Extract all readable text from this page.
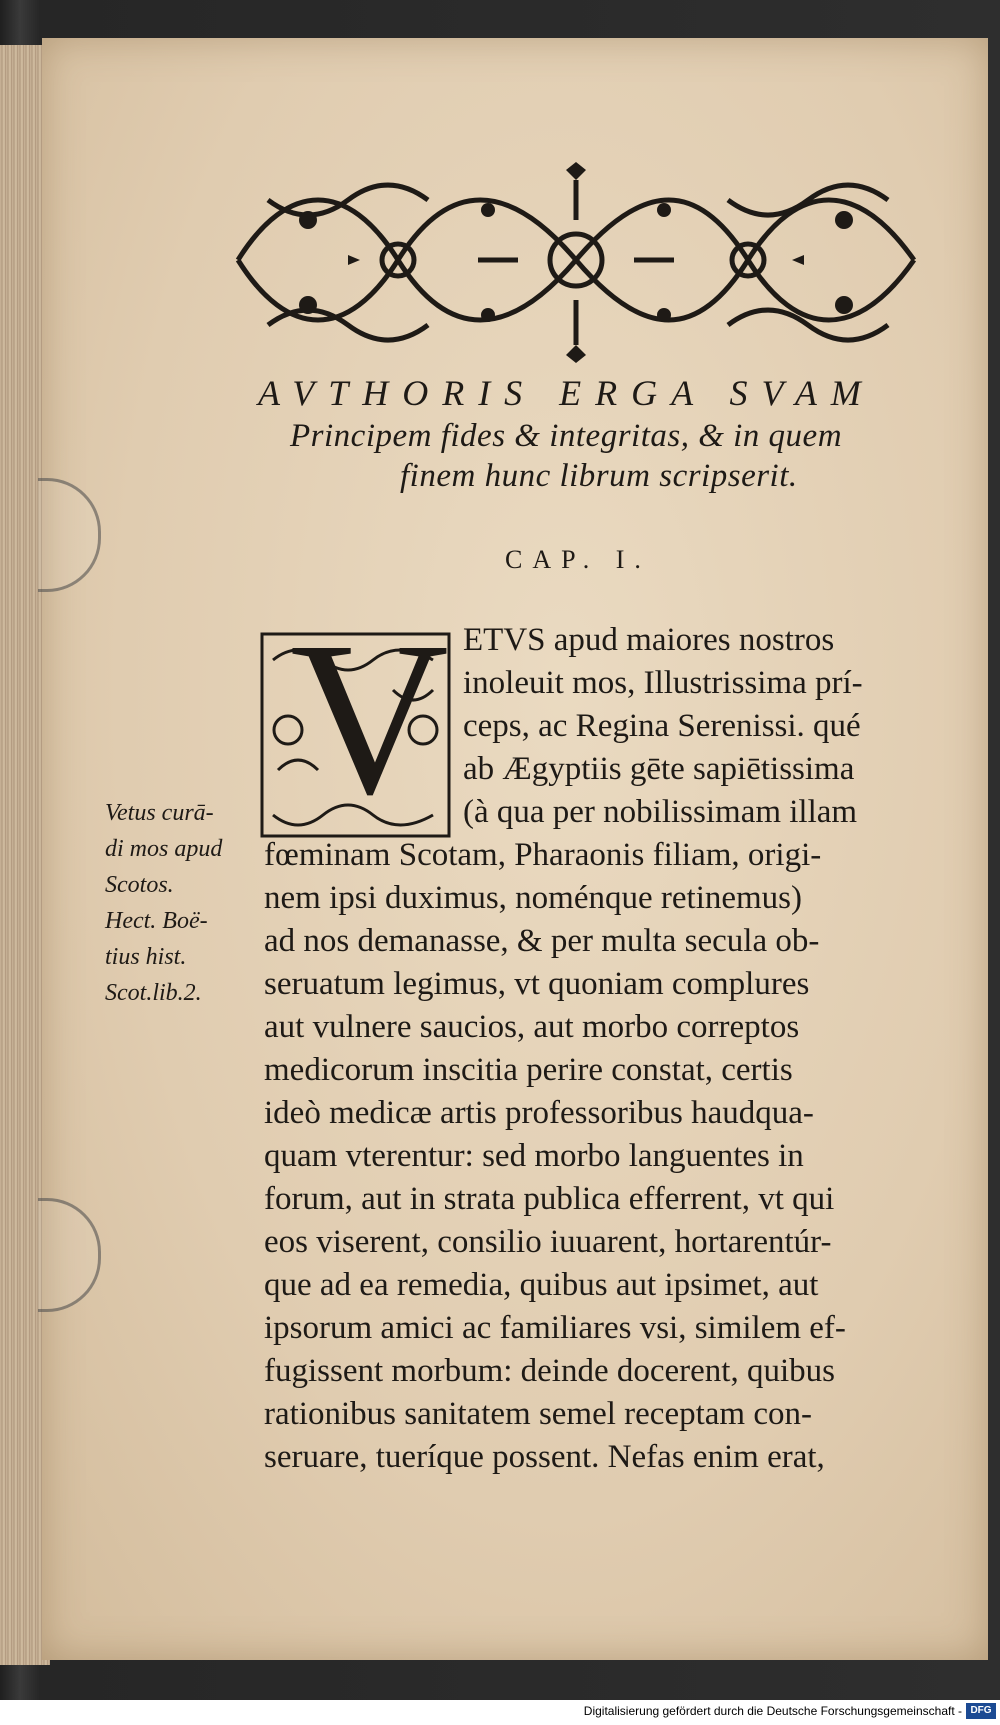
AVTHORIS ERGA SVAM
Principem fides & integritas, & in quem
finem hunc librum scripserit.
CAP. I.
V ETVS apud maiores nostros
inoleuit mos, Illustrissima prí-
ceps, ac Regina Serenissi. qué
ab Ægyptiis gēte sapiētissima
(à qua per nobilissimam illam
fœminam Scotam, Pharaonis filiam, origi-
nem ipsi duximus, noménque retinemus)
ad nos demanasse, & per multa secula ob-
seruatum legimus, vt quoniam complures
aut vulnere saucios, aut morbo correptos
medicorum inscitia perire constat, certis
ideò medicæ artis professoribus haudqua-
quam vterentur: sed morbo languentes in
forum, aut in strata publica efferrent, vt qui
eos viserent, consilio iuuarent, hortarentúr-
que ad ea remedia, quibus aut ipsimet, aut
ipsorum amici ac familiares vsi, similem ef-
fugissent morbum: deinde docerent, quibus
rationibus sanitatem semel receptam con-
seruare, tueríque possent. Nefas enim erat,
Vetus curā-
di mos apud
Scotos.
Hect. Boë-
tius hist.
Scot.lib.2.
Digitalisierung gefördert durch die Deutsche Forschungsgemeinschaft - DFG
